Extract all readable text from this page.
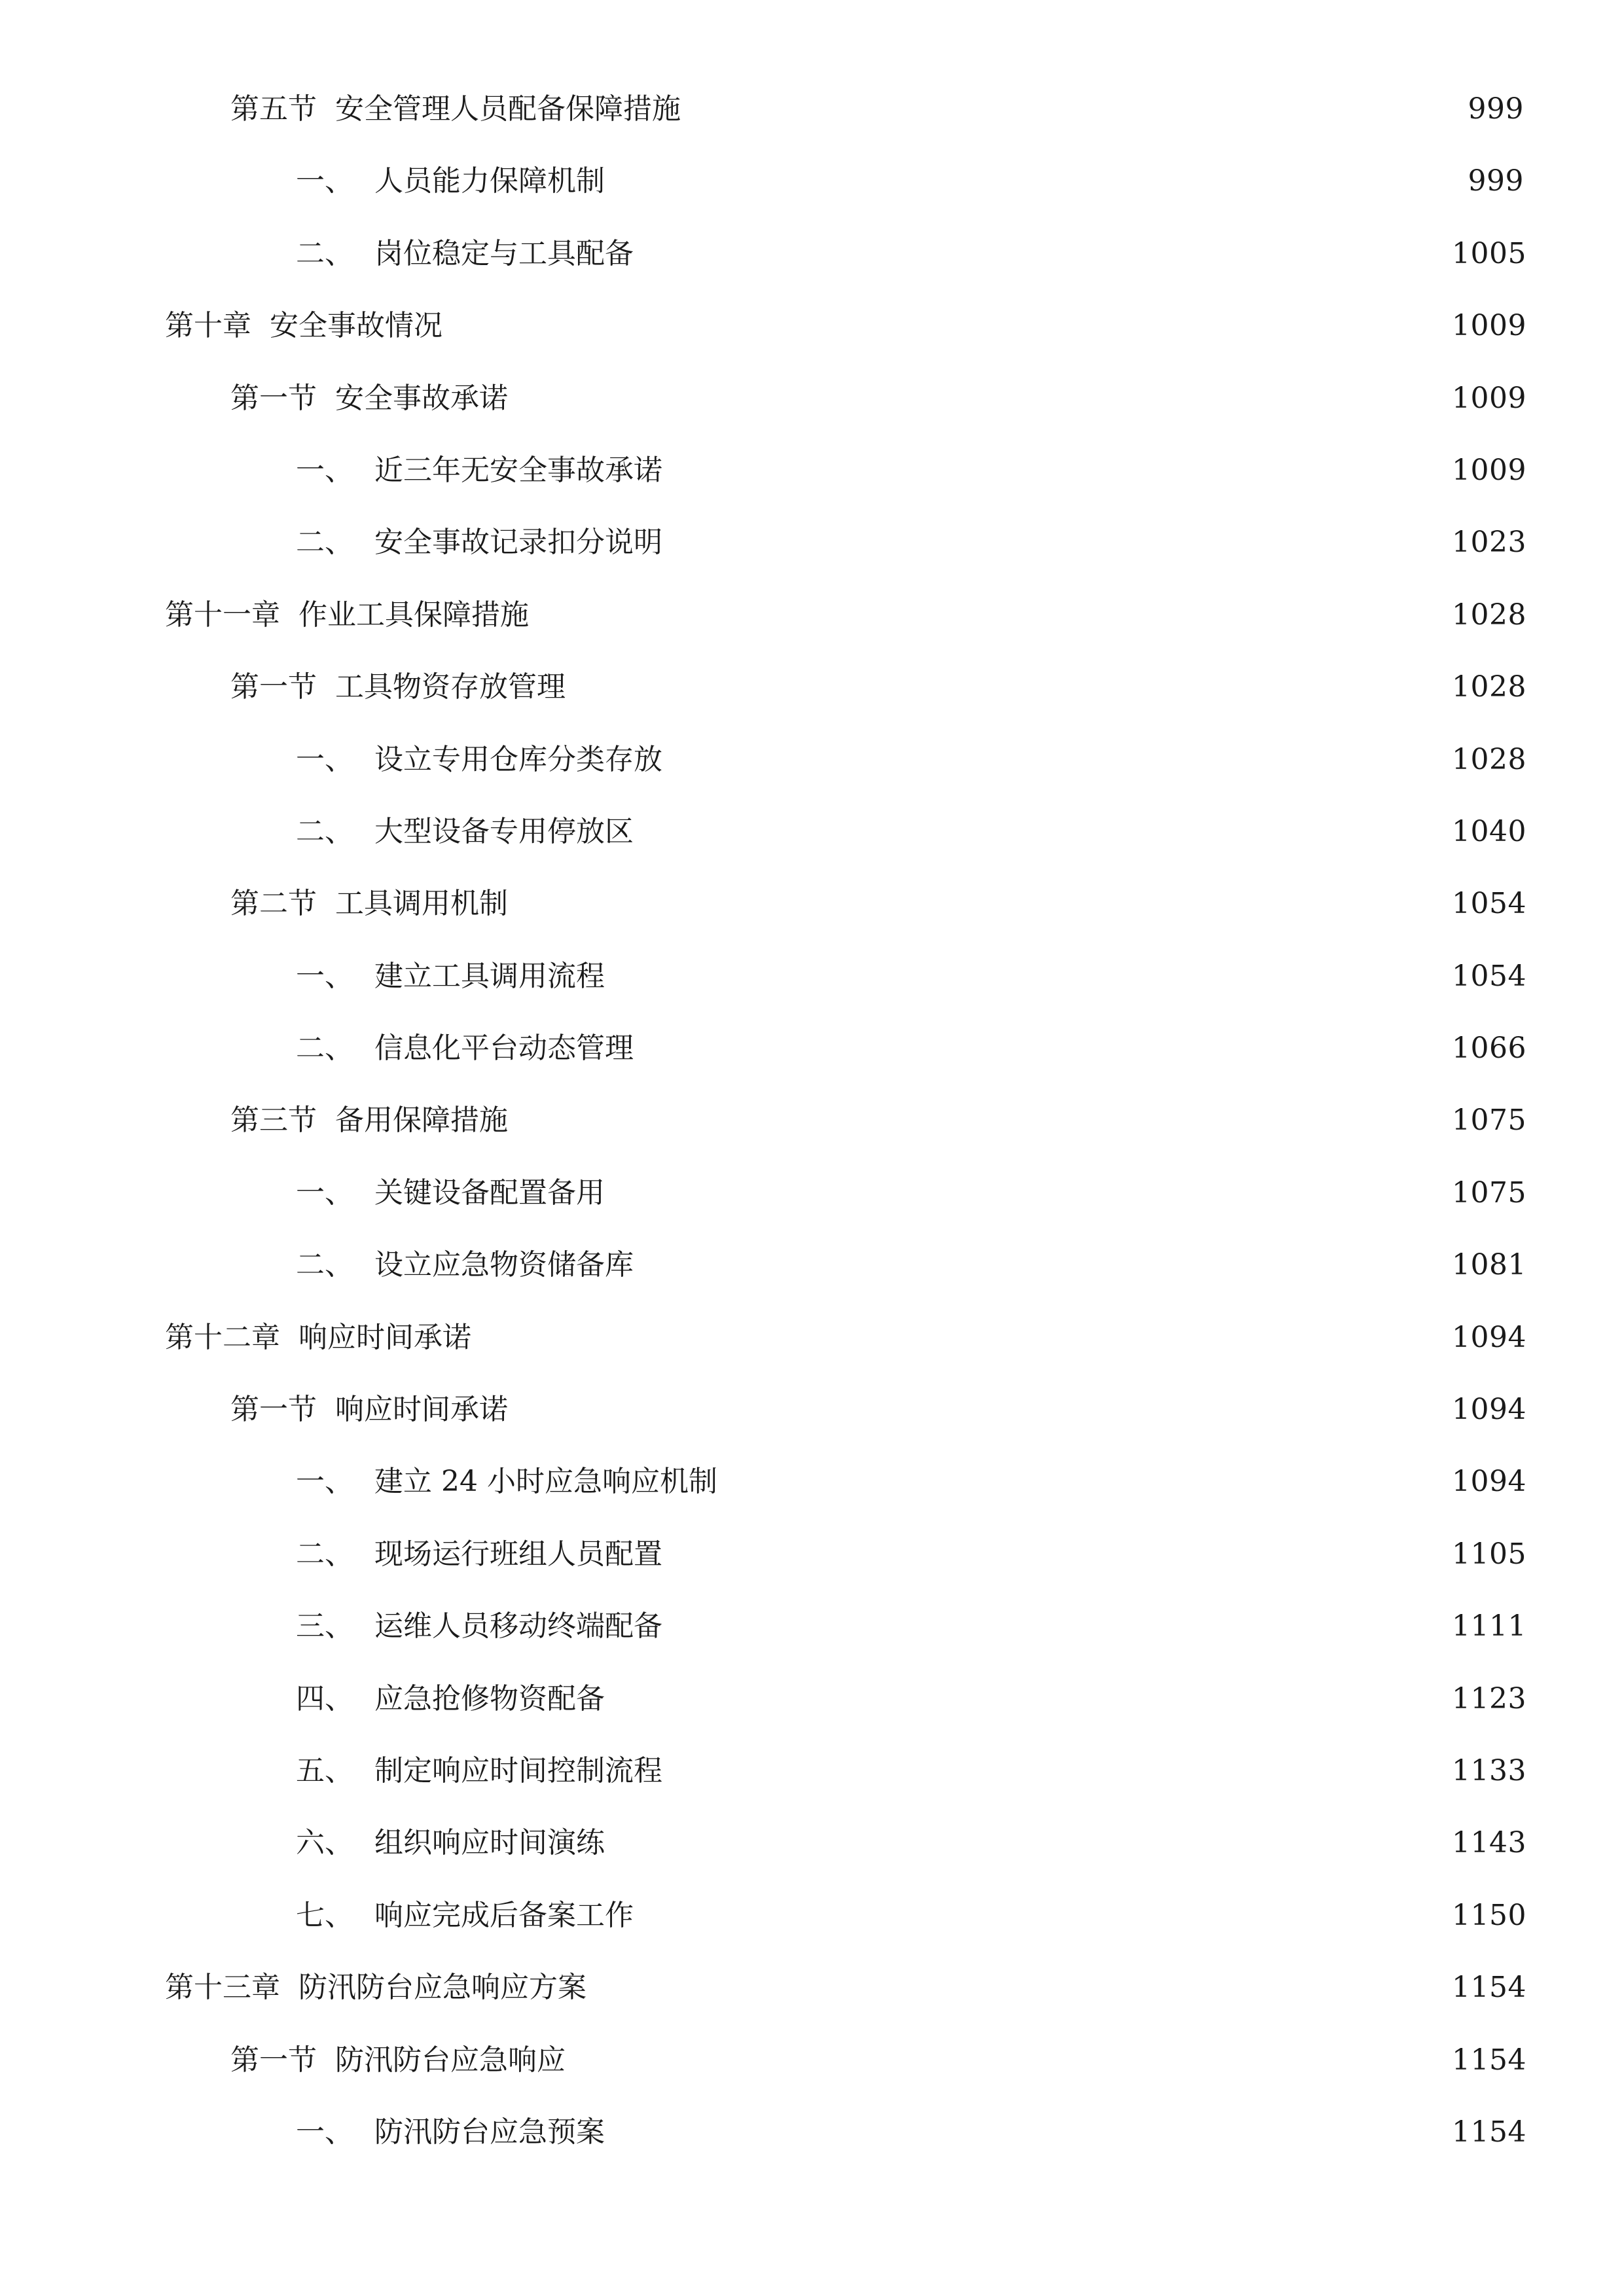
第五节 安全管理人员配备保障措施	999
一、 人员能力保障机制	999
二、 岗位稳定与工具配备	1005
第十章 安全事故情况	1009
第一节 安全事故承诺	1009
一、 近三年无安全事故承诺	1009
二、 安全事故记录扣分说明	1023
第十一章 作业工具保障措施	1028
第一节 工具物资存放管理	1028
一、 设立专用仓库分类存放	1028
二、 大型设备专用停放区	1040
第二节 工具调用机制	1054
一、 建立工具调用流程	1054
二、 信息化平台动态管理	1066
第三节 备用保障措施	1075
一、 关键设备配置备用	1075
二、 设立应急物资储备库	1081
第十二章 响应时间承诺	1094
第一节 响应时间承诺	1094
一、 建立 24 小时应急响应机制	1094
二、 现场运行班组人员配置	1105
三、 运维人员移动终端配备	1111
四、 应急抢修物资配备	1123
五、 制定响应时间控制流程	1133
六、 组织响应时间演练	1143
七、 响应完成后备案工作	1150
第十三章 防汛防台应急响应方案	1154
第一节 防汛防台应急响应	1154
一、 防汛防台应急预案	1154
